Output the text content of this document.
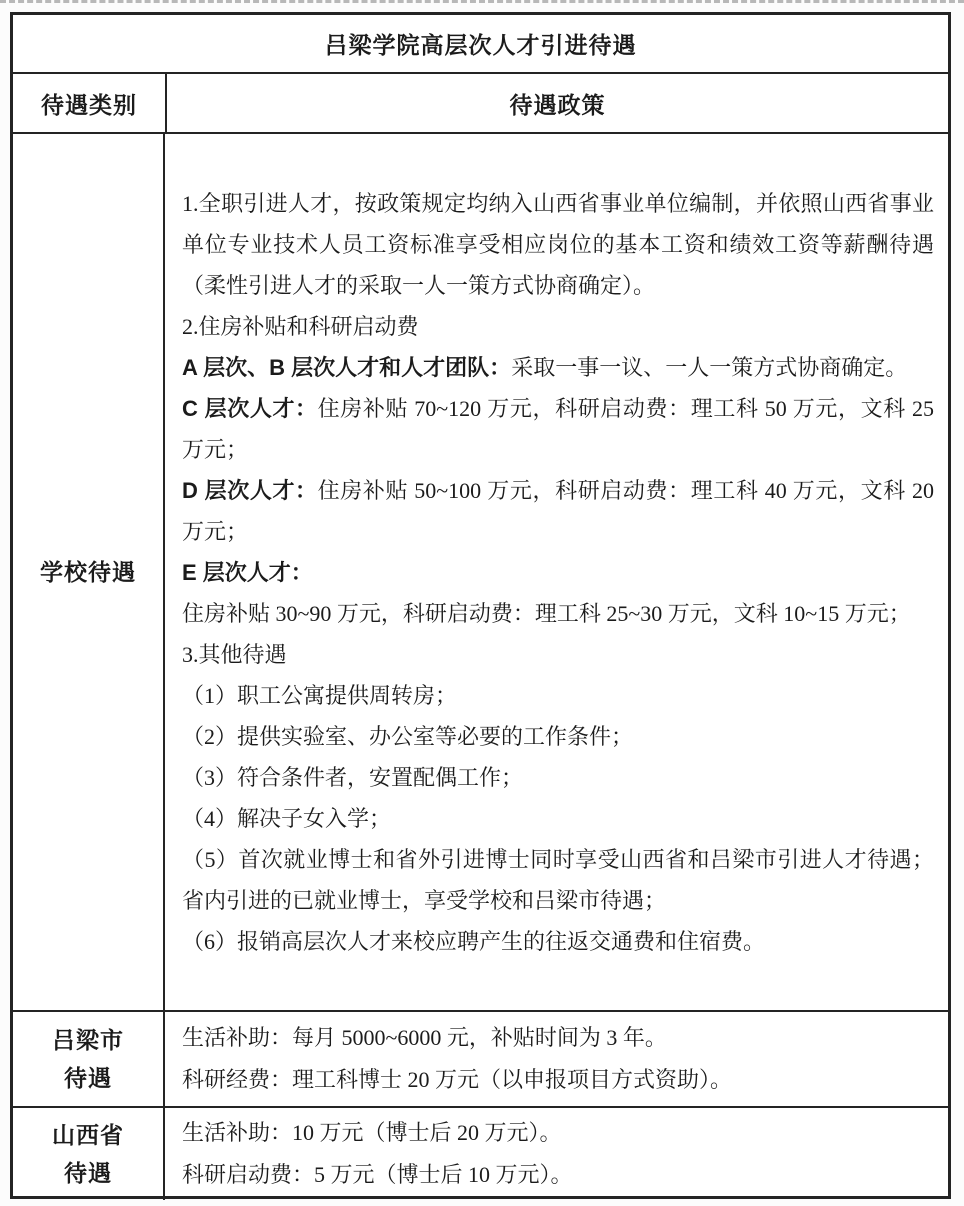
吕梁学院高层次人才引进待遇
待遇类别	待遇政策
学校待遇

1.全职引进人才，按政策规定均纳入山西省事业单位编制，并依照山西省事业单位专业技术人员工资标准享受相应岗位的基本工资和绩效工资等薪酬待遇（柔性引进人才的采取一人一策方式协商确定）。

2.住房补贴和科研启动费

A 层次、B 层次人才和人才团队：采取一事一议、一人一策方式协商确定。

C 层次人才：住房补贴 70~120 万元，科研启动费：理工科 50 万元，文科 25 万元；

D 层次人才：住房补贴 50~100 万元，科研启动费：理工科 40 万元，文科 20 万元；

E 层次人才：

住房补贴 30~90 万元，科研启动费：理工科 25~30 万元，文科 10~15 万元；

3.其他待遇

（1）职工公寓提供周转房；

（2）提供实验室、办公室等必要的工作条件；

（3）符合条件者，安置配偶工作；

（4）解决子女入学；

（5）首次就业博士和省外引进博士同时享受山西省和吕梁市引进人才待遇；省内引进的已就业博士，享受学校和吕梁市待遇；

（6）报销高层次人才来校应聘产生的往返交通费和住宿费。

吕梁市
待遇

生活补助：每月 5000~6000 元，补贴时间为 3 年。

科研经费：理工科博士 20 万元（以申报项目方式资助）。

山西省
待遇

生活补助：10 万元（博士后 20 万元）。

科研启动费：5 万元（博士后 10 万元）。
